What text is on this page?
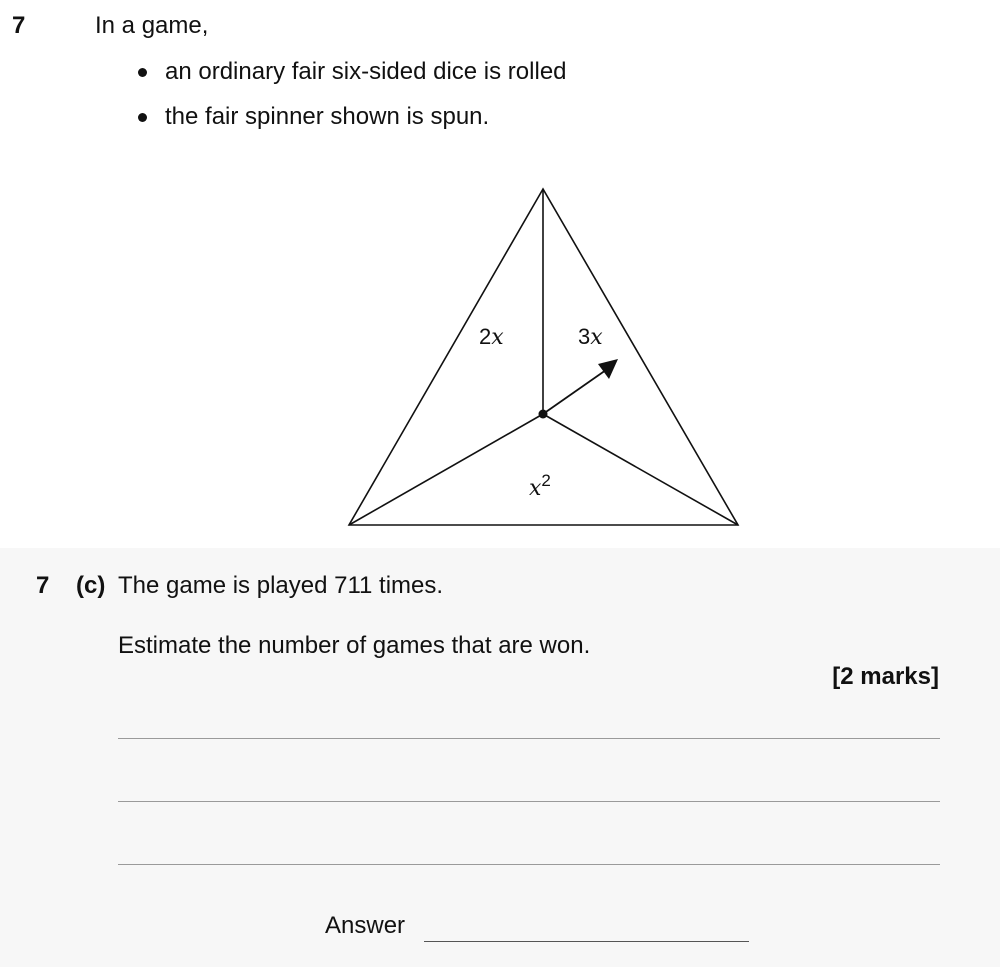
7	In a game,
an ordinary fair six-sided dice is rolled
the fair spinner shown is spun.
2x	3x
$x^2$
7 (c) The game is played 711 times.
Estimate the number of games that are won.
[2 marks]
Answer
